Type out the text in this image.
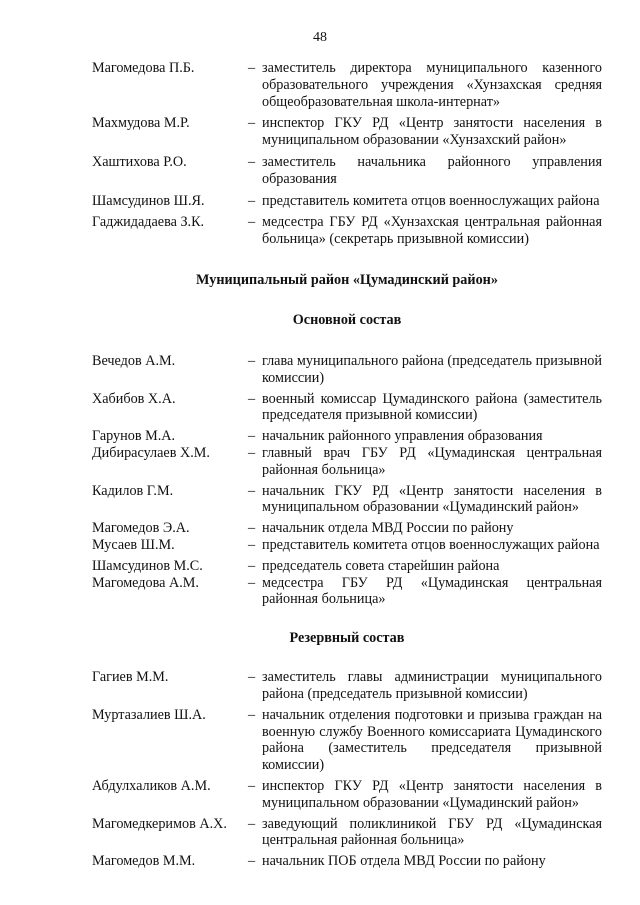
48
Магомедова П.Б.	– заместитель директора муниципального казенного образовательного учреждения «Хунзахская средняя общеобразовательная школа-интернат»
Махмудова М.Р.	– инспектор ГКУ РД «Центр занятости населения в муниципальном образовании «Хунзахский район»
Хаштихова Р.О.	– заместитель начальника районного управления образования
Шамсудинов Ш.Я.	– представитель комитета отцов военнослужащих района
Гаджидадаева З.К.	– медсестра ГБУ РД «Хунзахская центральная районная больница» (секретарь призывной комиссии)
Муниципальный район «Цумадинский район»
Основной состав
Вечедов А.М.	– глава муниципального района (председатель призывной комиссии)
Хабибов Х.А.	– военный комиссар Цумадинского района (заместитель председателя призывной комиссии)
Гарунов М.А.	– начальник районного управления образования
Дибирасулаев Х.М.	– главный врач ГБУ РД «Цумадинская центральная районная больница»
Кадилов Г.М.	– начальник ГКУ РД «Центр занятости населения в муниципальном образовании «Цумадинский район»
Магомедов Э.А.	– начальник отдела МВД России по району
Мусаев Ш.М.	– представитель комитета отцов военнослужащих района
Шамсудинов М.С.	– председатель совета старейшин района
Магомедова А.М.	– медсестра ГБУ РД «Цумадинская центральная районная больница»
Резервный состав
Гагиев М.М.	– заместитель главы администрации муниципального района (председатель призывной комиссии)
Муртазалиев Ш.А.	– начальник отделения подготовки и призыва граждан на военную службу Военного комиссариата Цумадинского района (заместитель председателя призывной комиссии)
Абдулхаликов А.М.	– инспектор ГКУ РД «Центр занятости населения в муниципальном образовании «Цумадинский район»
Магомедкеримов А.Х.	– заведующий поликлиникой ГБУ РД «Цумадинская центральная районная больница»
Магомедов М.М.	– начальник ПОБ отдела МВД России по району
